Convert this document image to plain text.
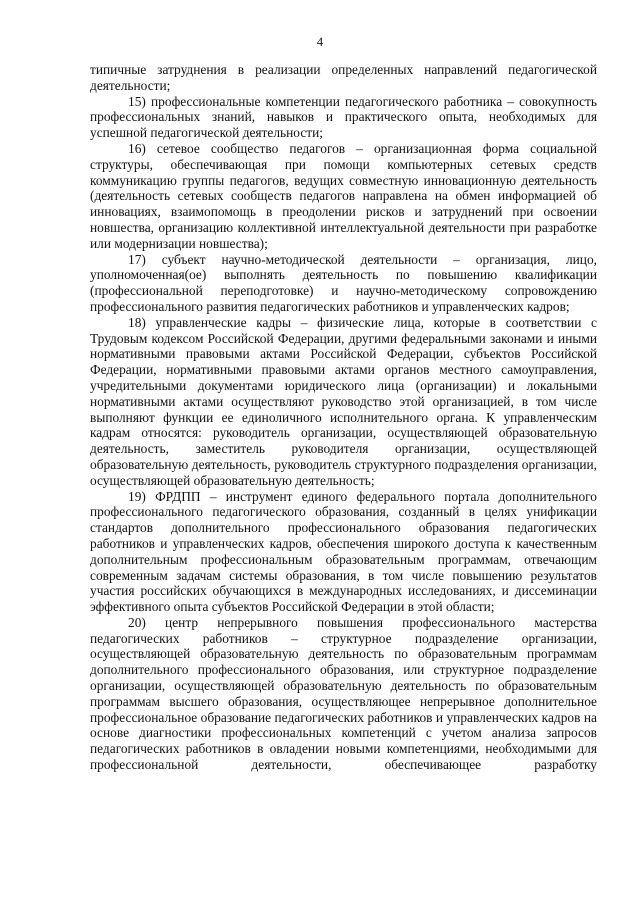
4

типичные затруднения в реализации определенных направлений педагогической деятельности;

15) профессиональные компетенции педагогического работника – совокупность профессиональных знаний, навыков и практического опыта, необходимых для успешной педагогической деятельности;

16) сетевое сообщество педагогов – организационная форма социальной структуры, обеспечивающая при помощи компьютерных сетевых средств коммуникацию группы педагогов, ведущих совместную инновационную деятельность (деятельность сетевых сообществ педагогов направлена на обмен информацией об инновациях, взаимопомощь в преодолении рисков и затруднений при освоении новшества, организацию коллективной интеллектуальной деятельности при разработке или модернизации новшества);

17) субъект научно-методической деятельности – организация, лицо, уполномоченная(ое) выполнять деятельность по повышению квалификации (профессиональной переподготовке) и научно-методическому сопровождению профессионального развития педагогических работников и управленческих кадров;

18) управленческие кадры – физические лица, которые в соответствии с Трудовым кодексом Российской Федерации, другими федеральными законами и иными нормативными правовыми актами Российской Федерации, субъектов Российской Федерации, нормативными правовыми актами органов местного самоуправления, учредительными документами юридического лица (организации) и локальными нормативными актами осуществляют руководство этой организацией, в том числе выполняют функции ее единоличного исполнительного органа. К управленческим кадрам относятся: руководитель организации, осуществляющей образовательную деятельность, заместитель руководителя организации, осуществляющей образовательную деятельность, руководитель структурного подразделения организации, осуществляющей образовательную деятельность;

19) ФРДПП – инструмент единого федерального портала дополнительного профессионального педагогического образования, созданный в целях унификации стандартов дополнительного профессионального образования педагогических работников и управленческих кадров, обеспечения широкого доступа к качественным дополнительным профессиональным образовательным программам, отвечающим современным задачам системы образования, в том числе повышению результатов участия российских обучающихся в международных исследованиях, и диссеминации эффективного опыта субъектов Российской Федерации в этой области;

20) центр непрерывного повышения профессионального мастерства педагогических работников – структурное подразделение организации, осуществляющей образовательную деятельность по образовательным программам дополнительного профессионального образования, или структурное подразделение организации, осуществляющей образовательную деятельность по образовательным программам высшего образования, осуществляющее непрерывное дополнительное профессиональное образование педагогических работников и управленческих кадров на основе диагностики профессиональных компетенций с учетом анализа запросов педагогических работников в овладении новыми компетенциями, необходимыми для профессиональной деятельности, обеспечивающее разработку
